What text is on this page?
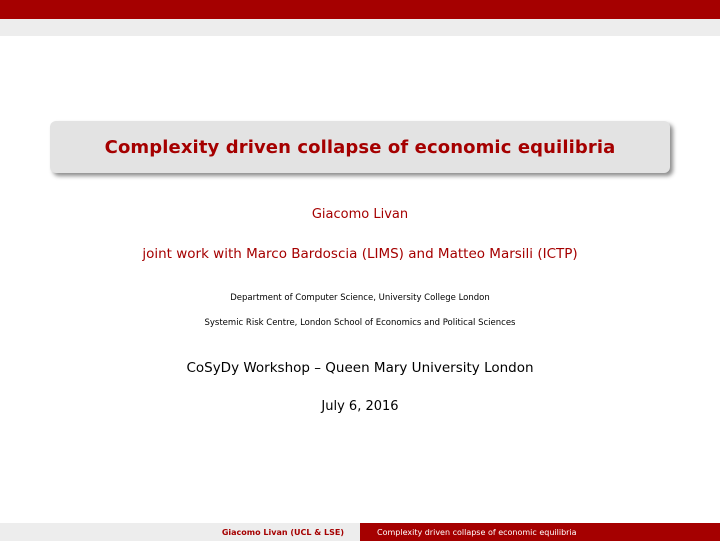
Complexity driven collapse of economic equilibria
Giacomo Livan
joint work with Marco Bardoscia (LIMS) and Matteo Marsili (ICTP)
Department of Computer Science, University College London
Systemic Risk Centre, London School of Economics and Political Sciences
CoSyDy Workshop – Queen Mary University London
July 6, 2016
Giacomo Livan (UCL & LSE)	Complexity driven collapse of economic equilibria
